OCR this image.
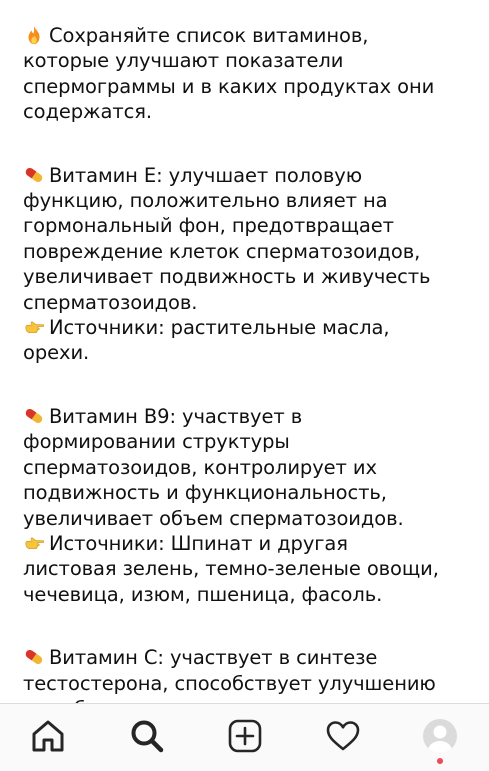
Сохраняйте список витаминов,
которые улучшают показатели
спермограммы и в каких продуктах они
содержатся.

Витамин Е: улучшает половую
функцию, положительно влияет на
гормональный фон, предотвращает
повреждение клеток сперматозоидов,
увеличивает подвижность и живучесть
сперматозоидов.
Источники: растительные масла,
орехи.

Витамин В9: участвует в
формировании структуры
сперматозоидов, контролирует их
подвижность и функциональность,
увеличивает объем сперматозоидов.
Источники: Шпинат и другая
листовая зелень, темно-зеленые овощи,
чечевица, изюм, пшеница, фасоль.

Витамин С: участвует в синтезе
тестостерона, способствует улучшению
